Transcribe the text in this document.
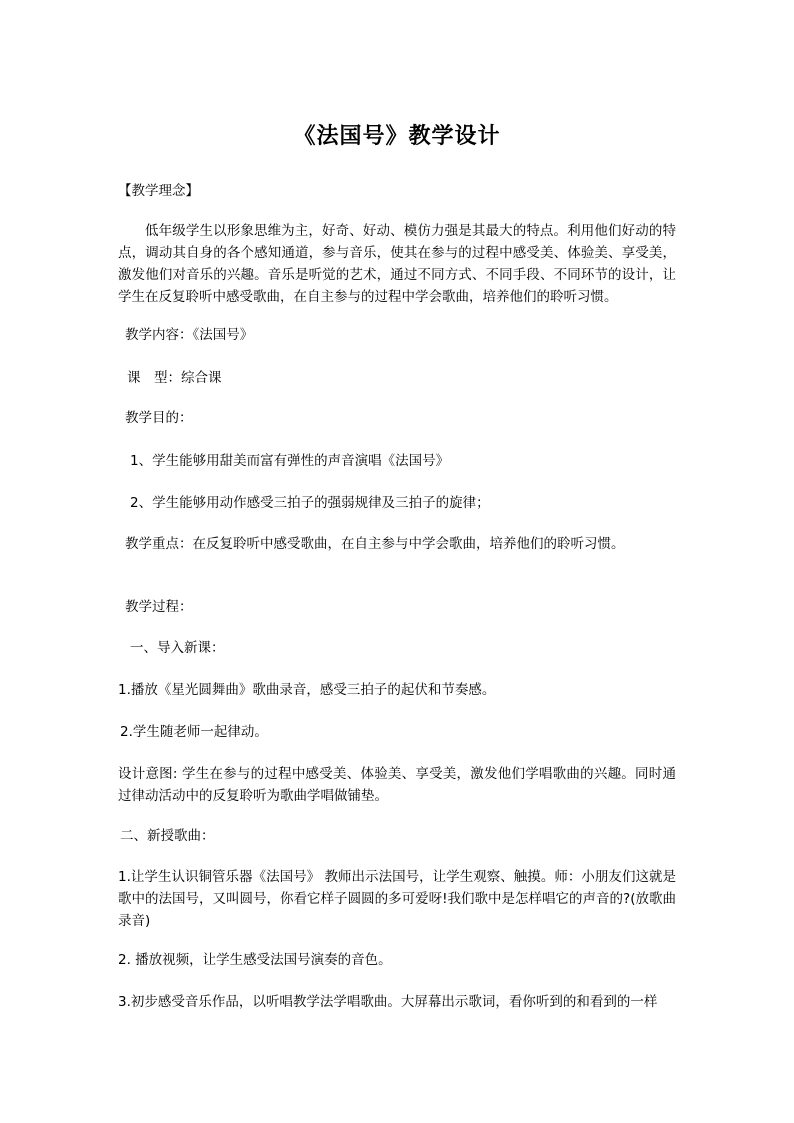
《法国号》教学设计
【教学理念】
低年级学生以形象思维为主，好奇、好动、模仿力强是其最大的特点。利用他们好动的特点，调动其自身的各个感知通道，参与音乐，使其在参与的过程中感受美、体验美、享受美，激发他们对音乐的兴趣。音乐是听觉的艺术，通过不同方式、不同手段、不同环节的设计，让学生在反复聆听中感受歌曲，在自主参与的过程中学会歌曲，培养他们的聆听习惯。
教学内容：《法国号》
课　型：综合课
教学目的：
1、学生能够用甜美而富有弹性的声音演唱《法国号》
2、学生能够用动作感受三拍子的强弱规律及三拍子的旋律；
教学重点：在反复聆听中感受歌曲，在自主参与中学会歌曲，培养他们的聆听习惯。
教学过程：
一、导入新课：
1.播放《星光圆舞曲》歌曲录音，感受三拍子的起伏和节奏感。
2.学生随老师一起律动。
设计意图: 学生在参与的过程中感受美、体验美、享受美，激发他们学唱歌曲的兴趣。同时通过律动活动中的反复聆听为歌曲学唱做铺垫。
二、新授歌曲：
1.让学生认识铜管乐器《法国号》 教师出示法国号，让学生观察、触摸。师：小朋友们这就是歌中的法国号，又叫圆号，你看它样子圆圆的多可爱呀!我们歌中是怎样唱它的声音的?(放歌曲录音)
2. 播放视频，让学生感受法国号演奏的音色。
3.初步感受音乐作品，以听唱教学法学唱歌曲。大屏幕出示歌词，看你听到的和看到的一样
